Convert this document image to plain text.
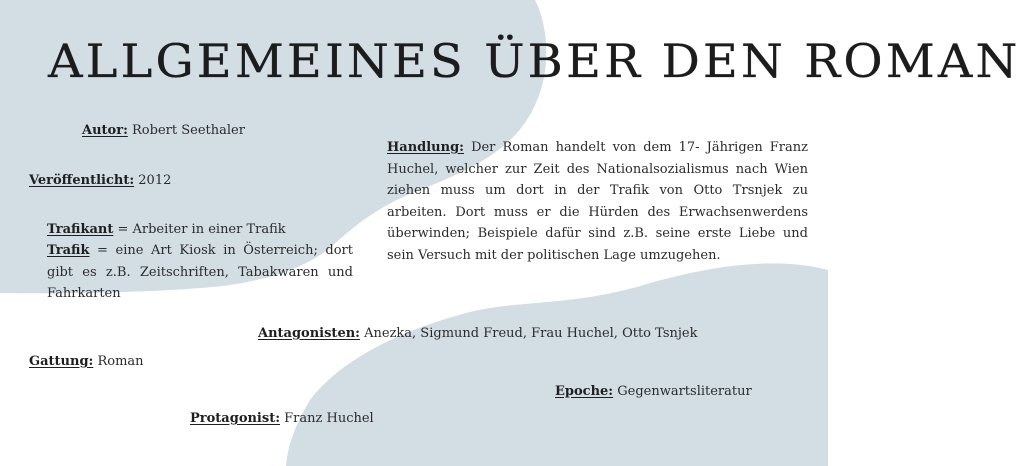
ALLGEMEINES ÜBER DEN ROMAN
Autor: Robert Seethaler
Veröffentlicht: 2012
Trafikant = Arbeiter in einer Trafik
Trafik = eine Art Kiosk in Österreich; dort gibt es z.B. Zeitschriften, Tabakwaren und Fahrkarten
Handlung: Der Roman handelt von dem 17- Jährigen Franz Huchel, welcher zur Zeit des Nationalsozialismus nach Wien ziehen muss um dort in der Trafik von Otto Trsnjek zu arbeiten. Dort muss er die Hürden des Erwachsenwerdens überwinden; Beispiele dafür sind z.B. seine erste Liebe und sein Versuch mit der politischen Lage umzugehen.
Antagonisten: Anezka, Sigmund Freud, Frau Huchel, Otto Tsnjek
Gattung: Roman
Epoche: Gegenwartsliteratur
Protagonist: Franz Huchel
